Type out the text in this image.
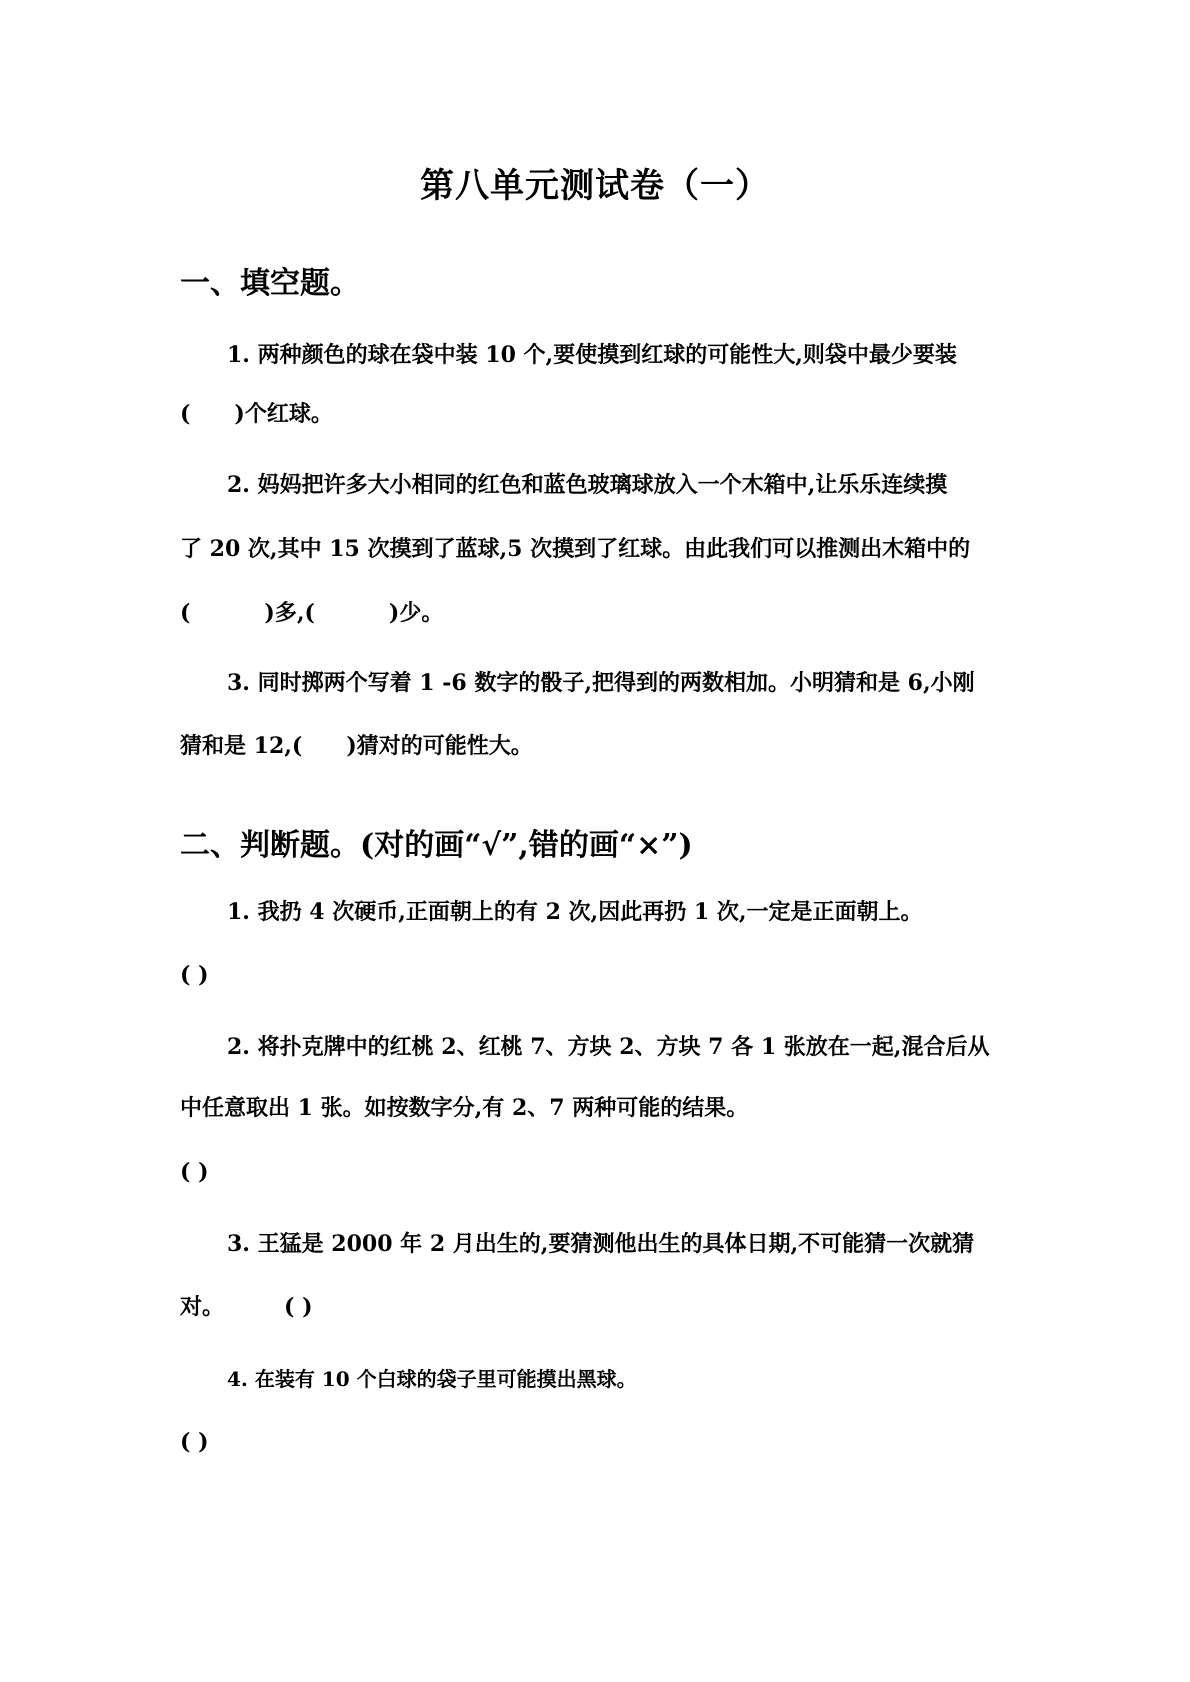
第八单元测试卷（一）
一、填空题。
1. 两种颜色的球在袋中装 10 个,要使摸到红球的可能性大,则袋中最少要装
( )个红球。
2. 妈妈把许多大小相同的红色和蓝色玻璃球放入一个木箱中,让乐乐连续摸
了 20 次,其中 15 次摸到了蓝球,5 次摸到了红球。由此我们可以推测出木箱中的
(	)多,(	)少。
3. 同时掷两个写着 1 -6 数字的骰子,把得到的两数相加。小明猜和是 6,小刚
猜和是 12,( )猜对的可能性大。
二、判断题。(对的画“√”,错的画“×”)
1. 我扔 4 次硬币,正面朝上的有 2 次,因此再扔 1 次,一定是正面朝上。
( )
2. 将扑克牌中的红桃 2、红桃 7、方块 2、方块 7 各 1 张放在一起,混合后从
中任意取出 1 张。如按数字分,有 2、7 两种可能的结果。
( )
3. 王猛是 2000 年 2 月出生的,要猜测他出生的具体日期,不可能猜一次就猜
对。	( )
4. 在装有 10 个白球的袋子里可能摸出黑球。
( )
